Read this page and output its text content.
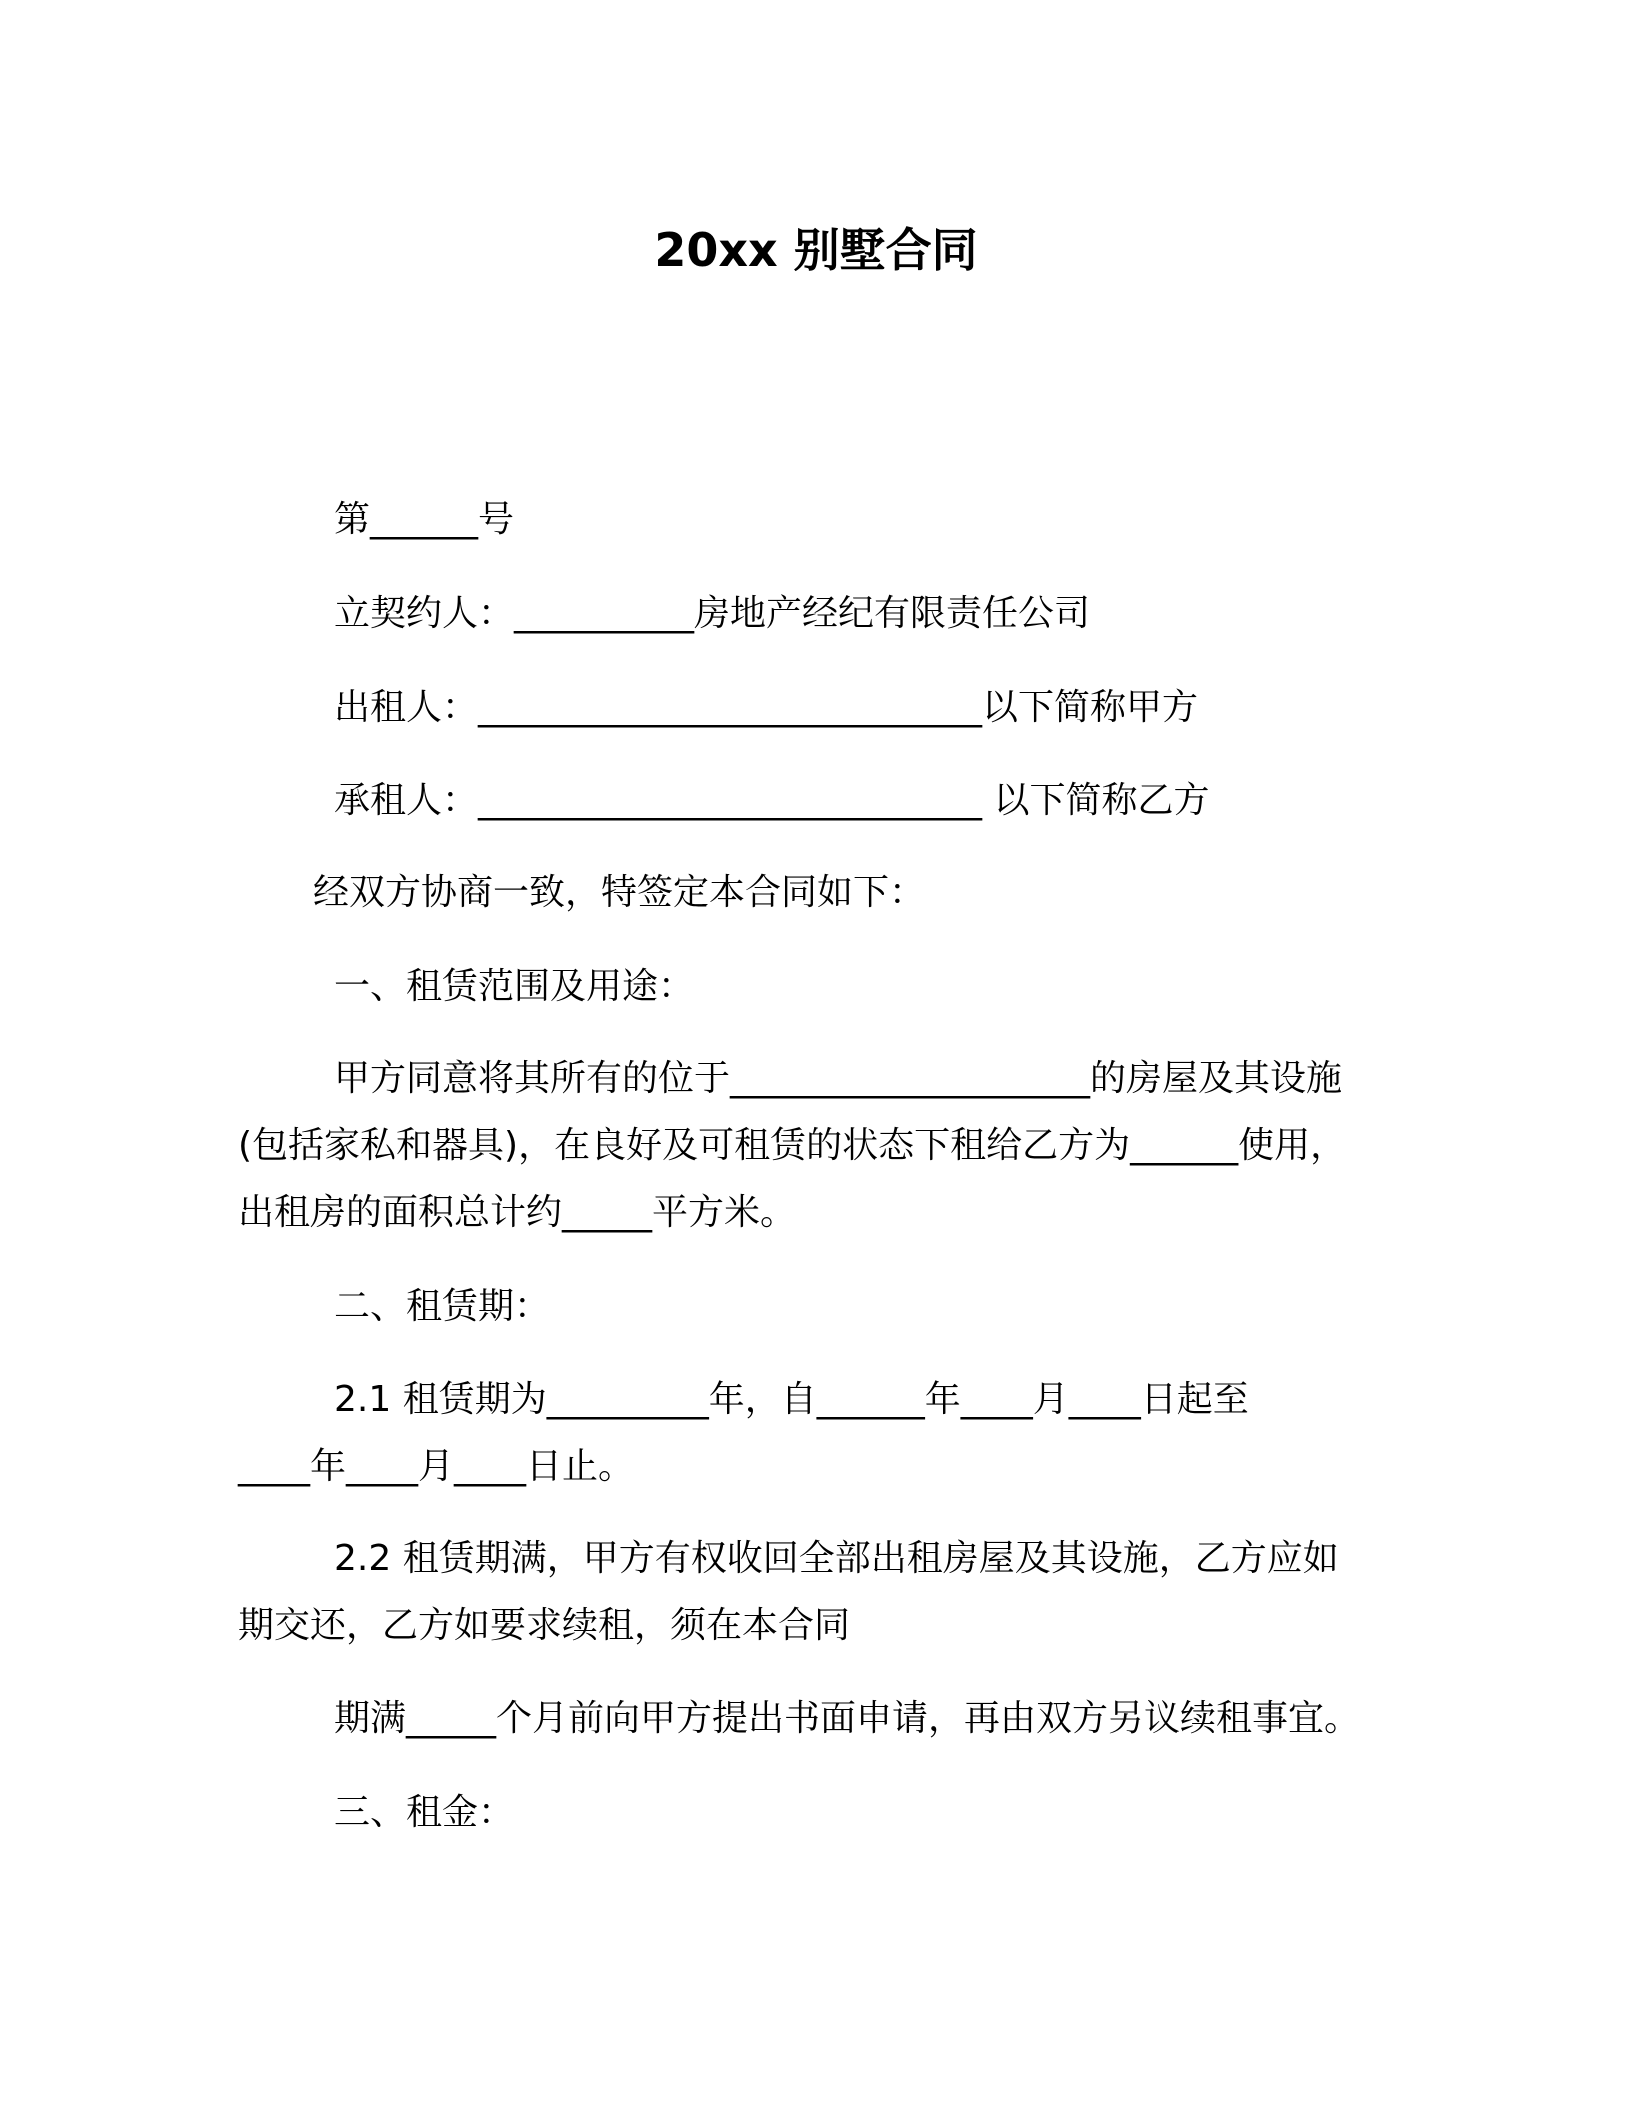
20xx 别墅合同
第______号
立契约人：__________房地产经纪有限责任公司
出租人：____________________________以下简称甲方
承租人：____________________________ 以下简称乙方
经双方协商一致，特签定本合同如下：
一、租赁范围及用途：
甲方同意将其所有的位于____________________的房屋及其设施
(包括家私和器具)，在良好及可租赁的状态下租给乙方为______使用，
出租房的面积总计约_____平方米。
二、租赁期：
2.1 租赁期为_________年，自______年____月____日起至
____年____月____日止。
2.2 租赁期满，甲方有权收回全部出租房屋及其设施，乙方应如
期交还，乙方如要求续租，须在本合同
期满_____个月前向甲方提出书面申请，再由双方另议续租事宜。
三、租金：
